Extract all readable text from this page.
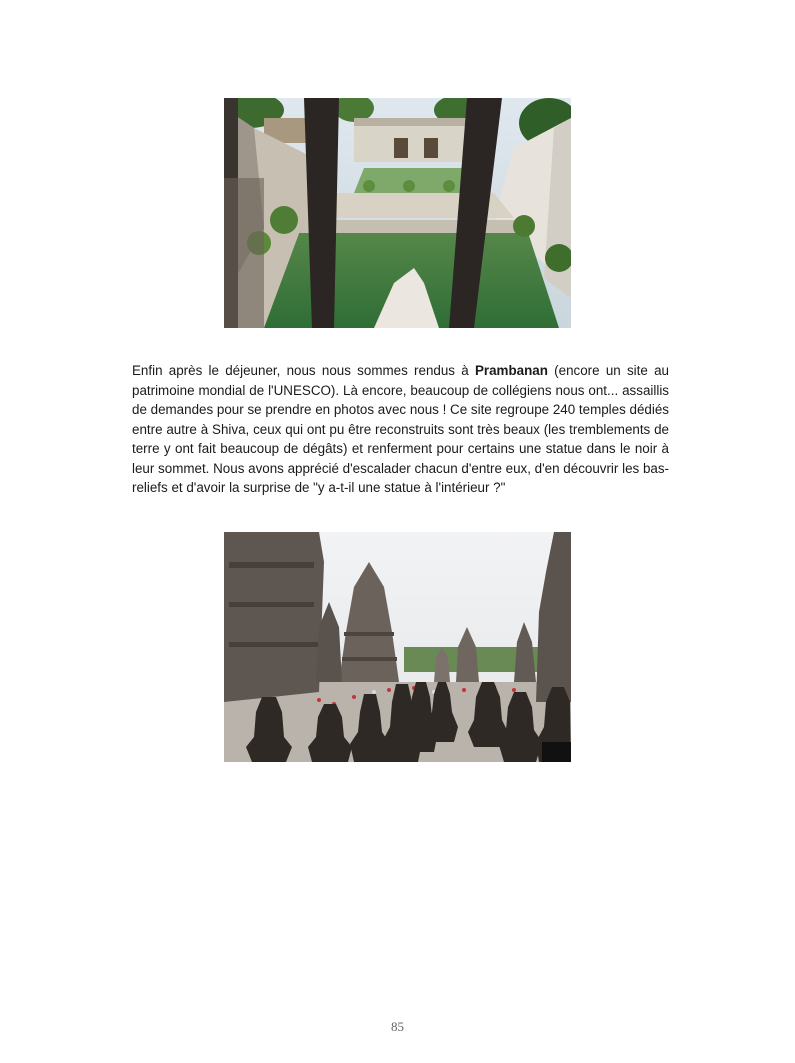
Enfin après le déjeuner, nous nous sommes rendus à Prambanan (encore un site au patrimoine mondial de l'UNESCO). Là encore, beaucoup de collégiens nous ont... assaillis de demandes pour se prendre en photos avec nous ! Ce site regroupe 240 temples dédiés entre autre à Shiva, ceux qui ont pu être reconstruits sont très beaux (les tremblements de terre y ont fait beaucoup de dégâts) et renferment pour certains une statue dans le noir à leur sommet. Nous avons apprécié d'escalader chacun d'entre eux, d'en découvrir les bas-reliefs et d'avoir la surprise de "y a-t-il une statue à l'intérieur ?"

85
